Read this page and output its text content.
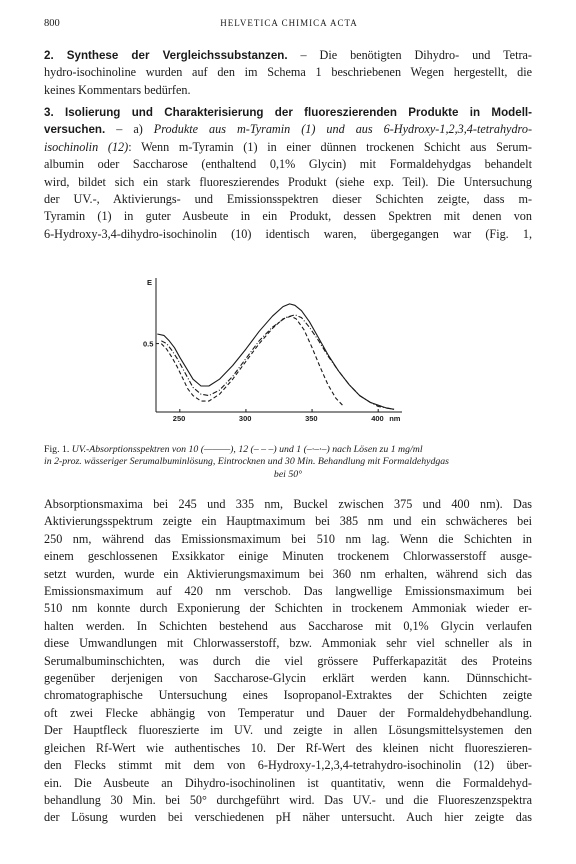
800	HELVETICA CHIMICA ACTA
2. Synthese der Vergleichssubstanzen. – Die benötigten Dihydro- und Tetra-
hydro-isochinoline wurden auf den im Schema 1 beschriebenen Wegen hergestellt, die
keines Kommentars bedürfen.
3. Isolierung und Charakterisierung der fluoreszierenden Produkte in Modell-
versuchen. – a) Produkte aus m-Tyramin (1) und aus 6-Hydroxy-1,2,3,4-tetrahydro-
isochinolin (12): Wenn m-Tyramin (1) in einer dünnen trockenen Schicht aus Serum-
albumin oder Saccharose (enthaltend 0,1% Glycin) mit Formaldehydgas behandelt
wird, bildet sich ein stark fluoreszierendes Produkt (siehe exp. Teil). Die Untersuchung
der UV.-, Aktivierungs- und Emissionsspektren dieser Schichten zeigte, dass m-
Tyramin (1) in guter Ausbeute in ein Produkt, dessen Spektren mit denen von
6-Hydroxy-3,4-dihydro-isochinolin (10) identisch waren, übergegangen war (Fig. 1,
E
0.5
250	300	350	400 nm
Fig. 1. UV.-Absorptionsspektren von 10 (———), 12 (– – –) und 1 (–·–·–) nach Lösen zu 1 mg/ml
in 2-proz. wässeriger Serumalbuminlösung, Eintrocknen und 30 Min. Behandlung mit Formaldehydgas
bei 50°
Absorptionsmaxima bei 245 und 335 nm, Buckel zwischen 375 und 400 nm). Das
Aktivierungsspektrum zeigte ein Hauptmaximum bei 385 nm und ein schwächeres bei
250 nm, während das Emissionsmaximum bei 510 nm lag. Wenn die Schichten in
einem geschlossenen Exsikkator einige Minuten trockenem Chlorwasserstoff ausge-
setzt wurden, wurde ein Aktivierungsmaximum bei 360 nm erhalten, während sich das
Emissionsmaximum auf 420 nm verschob. Das langwellige Emissionsmaximum bei
510 nm konnte durch Exponierung der Schichten in trockenem Ammoniak wieder er-
halten werden. In Schichten bestehend aus Saccharose mit 0,1% Glycin verlaufen
diese Umwandlungen mit Chlorwasserstoff, bzw. Ammoniak sehr viel schneller als in
Serumalbuminschichten, was durch die viel grössere Pufferkapazität des Proteins
gegenüber derjenigen von Saccharose-Glycin erklärt werden kann. Dünnschicht-
chromatographische Untersuchung eines Isopropanol-Extraktes der Schichten zeigte
oft zwei Flecke abhängig von Temperatur und Dauer der Formaldehydbehandlung.
Der Hauptfleck fluoreszierte im UV. und zeigte in allen Lösungsmittelsystemen den
gleichen Rf-Wert wie authentisches 10. Der Rf-Wert des kleinen nicht fluoreszieren-
den Flecks stimmt mit dem von 6-Hydroxy-1,2,3,4-tetrahydro-isochinolin (12) über-
ein. Die Ausbeute an Dihydro-isochinolinen ist quantitativ, wenn die Formaldehyd-
behandlung 30 Min. bei 50° durchgeführt wird. Das UV.- und die Fluoreszenzspektra
der Lösung wurden bei verschiedenen pH näher untersucht. Auch hier zeigte das
